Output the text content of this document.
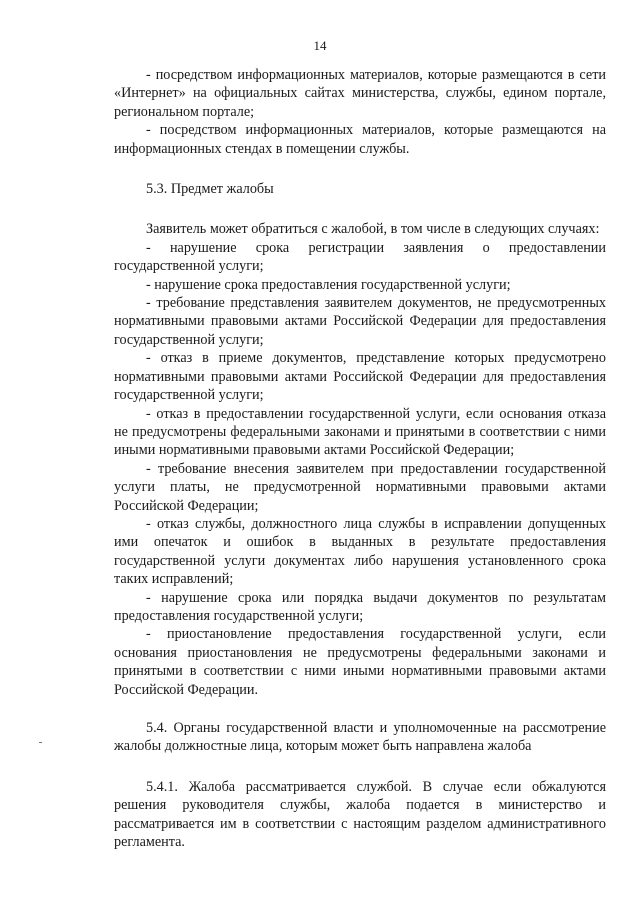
14

- посредством информационных материалов, которые размещаются в сети «Интернет» на официальных сайтах министерства, службы, едином портале, региональном портале;

- посредством информационных материалов, которые размещаются на информационных стендах в помещении службы.

5.3. Предмет жалобы

Заявитель может обратиться с жалобой, в том числе в следующих случаях:

- нарушение срока регистрации заявления о предоставлении государственной услуги;

- нарушение срока предоставления государственной услуги;

- требование представления заявителем документов, не предусмотренных нормативными правовыми актами Российской Федерации для предоставления государственной услуги;

- отказ в приеме документов, представление которых предусмотрено нормативными правовыми актами Российской Федерации для предоставления государственной услуги;

- отказ в предоставлении государственной услуги, если основания отказа не предусмотрены федеральными законами и принятыми в соответствии с ними иными нормативными правовыми актами Российской Федерации;

- требование внесения заявителем при предоставлении государственной услуги платы, не предусмотренной нормативными правовыми актами Российской Федерации;

- отказ службы, должностного лица службы в исправлении допущенных ими опечаток и ошибок в выданных в результате предоставления государственной услуги документах либо нарушения установленного срока таких исправлений;

- нарушение срока или порядка выдачи документов по результатам предоставления государственной услуги;

- приостановление предоставления государственной услуги, если основания приостановления не предусмотрены федеральными законами и принятыми в соответствии с ними иными нормативными правовыми актами Российской Федерации.

5.4. Органы государственной власти и уполномоченные на рассмотрение жалобы должностные лица, которым может быть направлена жалоба

5.4.1. Жалоба рассматривается службой. В случае если обжалуются решения руководителя службы, жалоба подается в министерство и рассматривается им в соответствии с настоящим разделом административного регламента.
